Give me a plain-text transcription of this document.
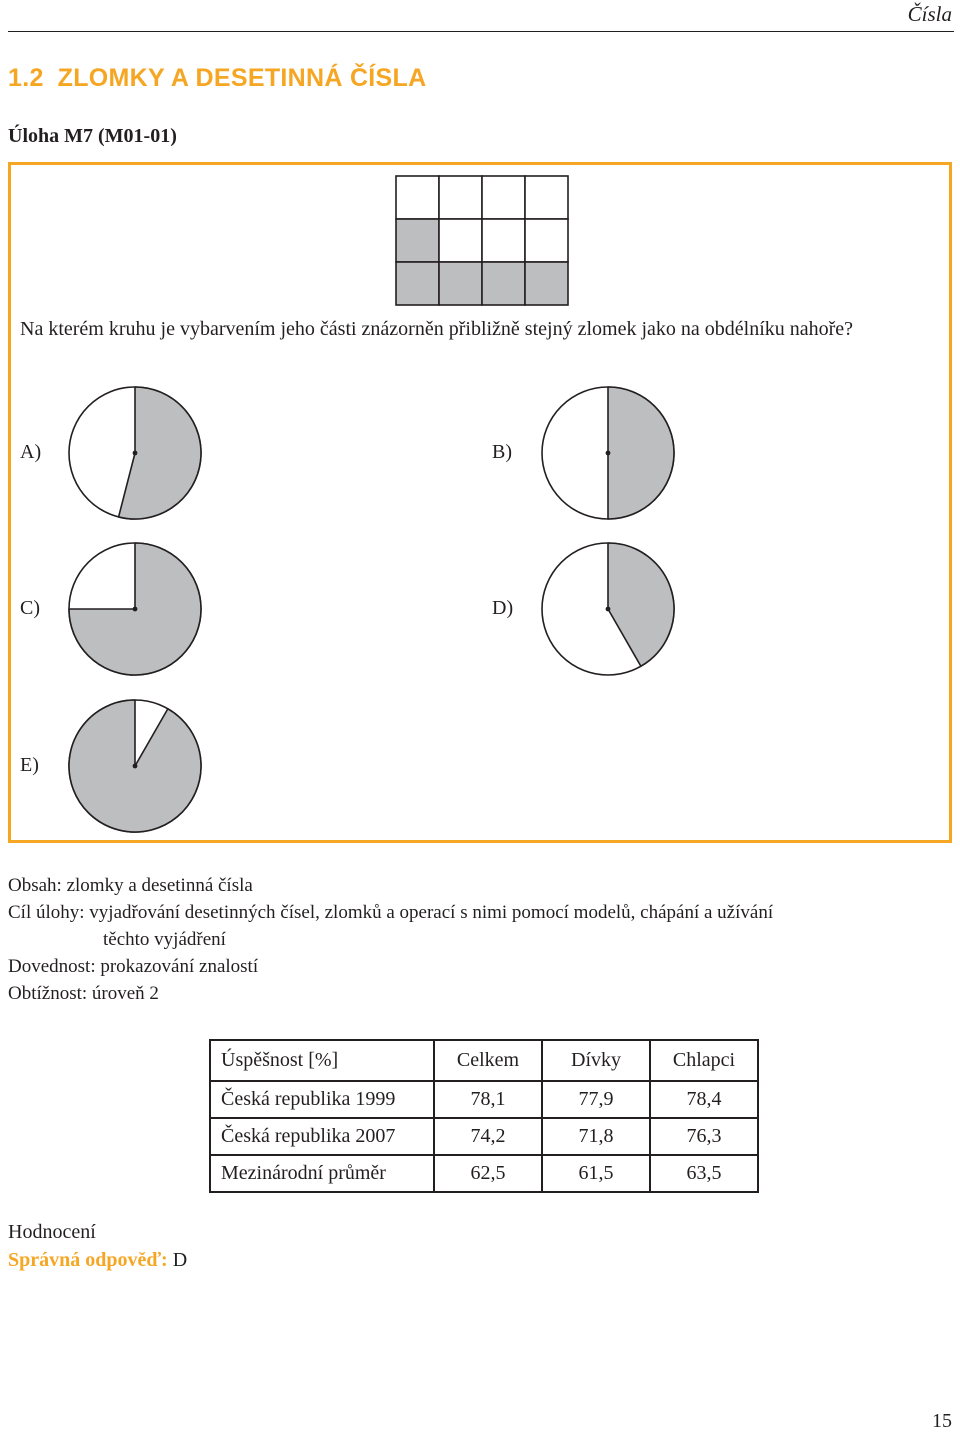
Čísla
1.2 ZLOMKY A DESETINNÁ ČÍSLA
Úloha M7 (M01-01)
Na kterém kruhu je vybarvením jeho části znázorněn přibližně stejný zlomek jako na obdélníku nahoře?
A)	B)
C)	D)
E)
Obsah: zlomky a desetinná čísla
Cíl úlohy: vyjadřování desetinných čísel, zlomků a operací s nimi pomocí modelů, chápání a užívání
těchto vyjádření
Dovednost: prokazování znalostí
Obtížnost: úroveň 2
Úspěšnost [%]	Celkem	Dívky	Chlapci
Česká republika 1999	78,1	77,9	78,4
Česká republika 2007	74,2	71,8	76,3
Mezinárodní průměr	62,5	61,5	63,5
Hodnocení
Správná odpověď: D
15
